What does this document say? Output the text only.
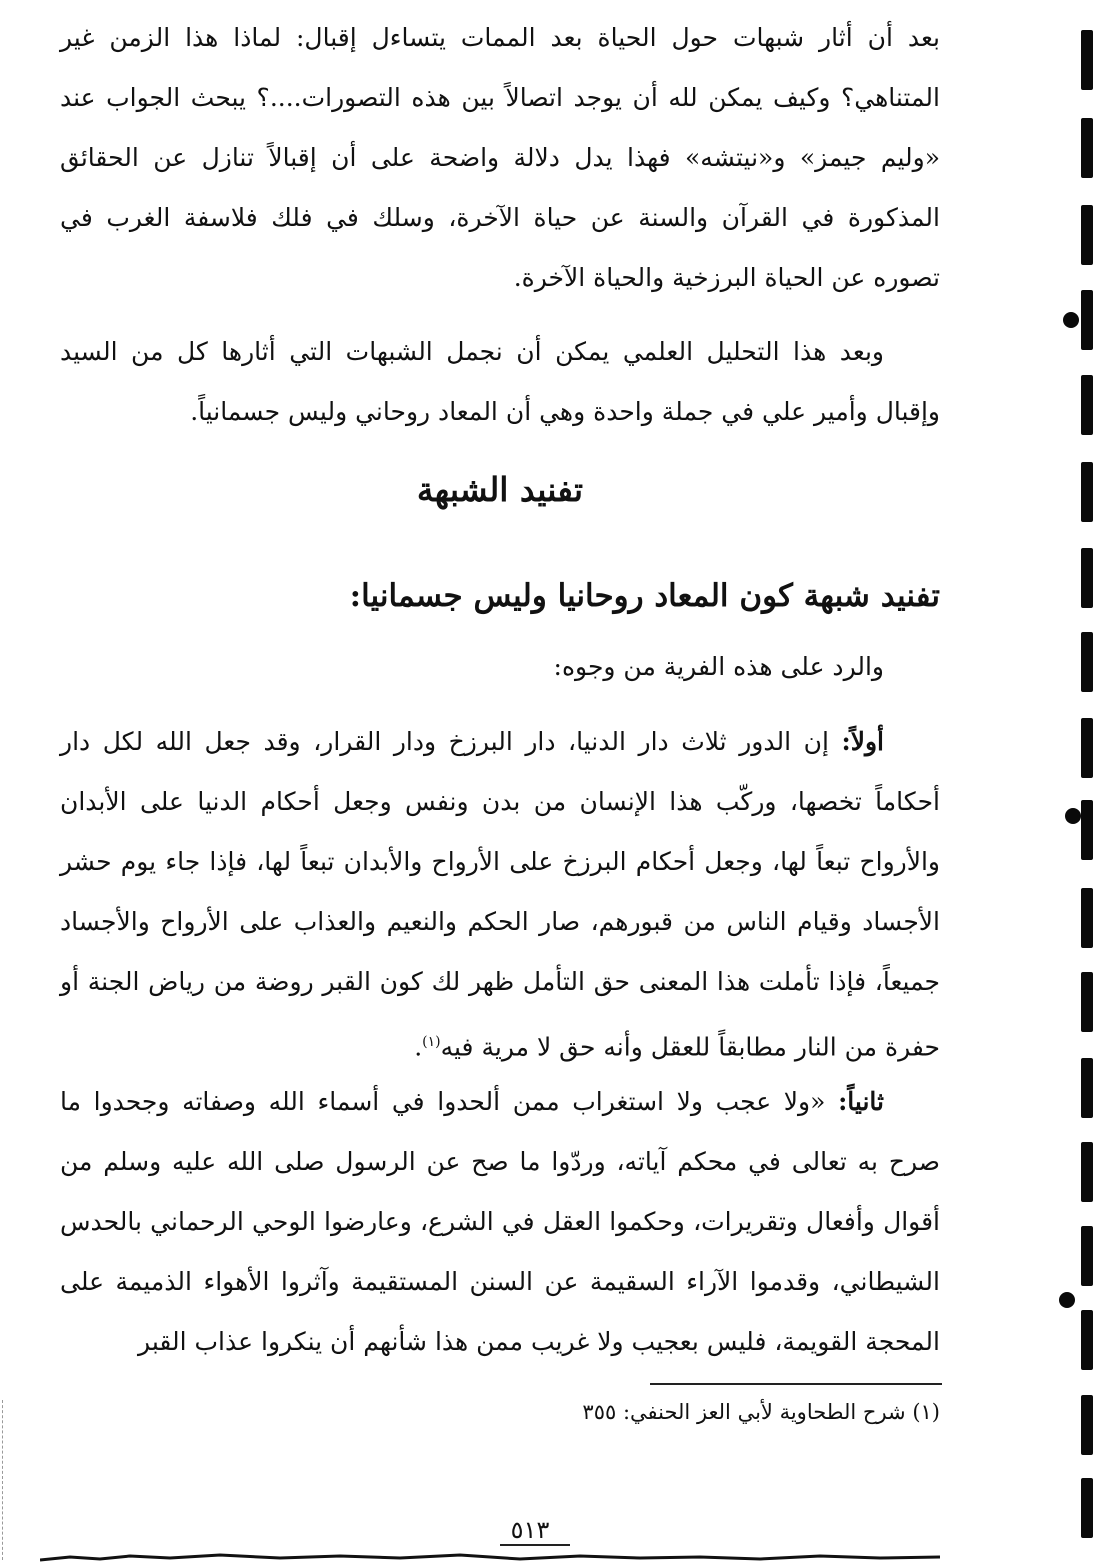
بعد أن أثار شبهات حول الحياة بعد الممات يتساءل إقبال: لماذا هذا الزمن غير المتناهي؟ وكيف يمكن لله أن يوجد اتصالاً بين هذه التصورات....؟ يبحث الجواب عند «وليم جيمز» و«نيتشه» فهذا يدل دلالة واضحة على أن إقبالاً تنازل عن الحقائق المذكورة في القرآن والسنة عن حياة الآخرة، وسلك في فلك فلاسفة الغرب في تصوره عن الحياة البرزخية والحياة الآخرة.
وبعد هذا التحليل العلمي يمكن أن نجمل الشبهات التي أثارها كل من السيد وإقبال وأمير علي في جملة واحدة وهي أن المعاد روحاني وليس جسمانياً.
تفنيد الشبهة
تفنيد شبهة كون المعاد روحانيا وليس جسمانيا:
والرد على هذه الفرية من وجوه:
أولاً: إن الدور ثلاث دار الدنيا، دار البرزخ ودار القرار، وقد جعل الله لكل دار أحكاماً تخصها، وركّب هذا الإنسان من بدن ونفس وجعل أحكام الدنيا على الأبدان والأرواح تبعاً لها، وجعل أحكام البرزخ على الأرواح والأبدان تبعاً لها، فإذا جاء يوم حشر الأجساد وقيام الناس من قبورهم، صار الحكم والنعيم والعذاب على الأرواح والأجساد جميعاً، فإذا تأملت هذا المعنى حق التأمل ظهر لك كون القبر روضة من رياض الجنة أو حفرة من النار مطابقاً للعقل وأنه حق لا مرية فيه$^{(١)}$.
ثانياً: «ولا عجب ولا استغراب ممن ألحدوا في أسماء الله وصفاته وجحدوا ما صرح به تعالى في محكم آياته، وردّوا ما صح عن الرسول صلى الله عليه وسلم من أقوال وأفعال وتقريرات، وحكموا العقل في الشرع، وعارضوا الوحي الرحماني بالحدس الشيطاني، وقدموا الآراء السقيمة عن السنن المستقيمة وآثروا الأهواء الذميمة على المحجة القويمة، فليس بعجيب ولا غريب ممن هذا شأنهم أن ينكروا عذاب القبر
(١) شرح الطحاوية لأبي العز الحنفي: ٣٥٥
٥١٣
